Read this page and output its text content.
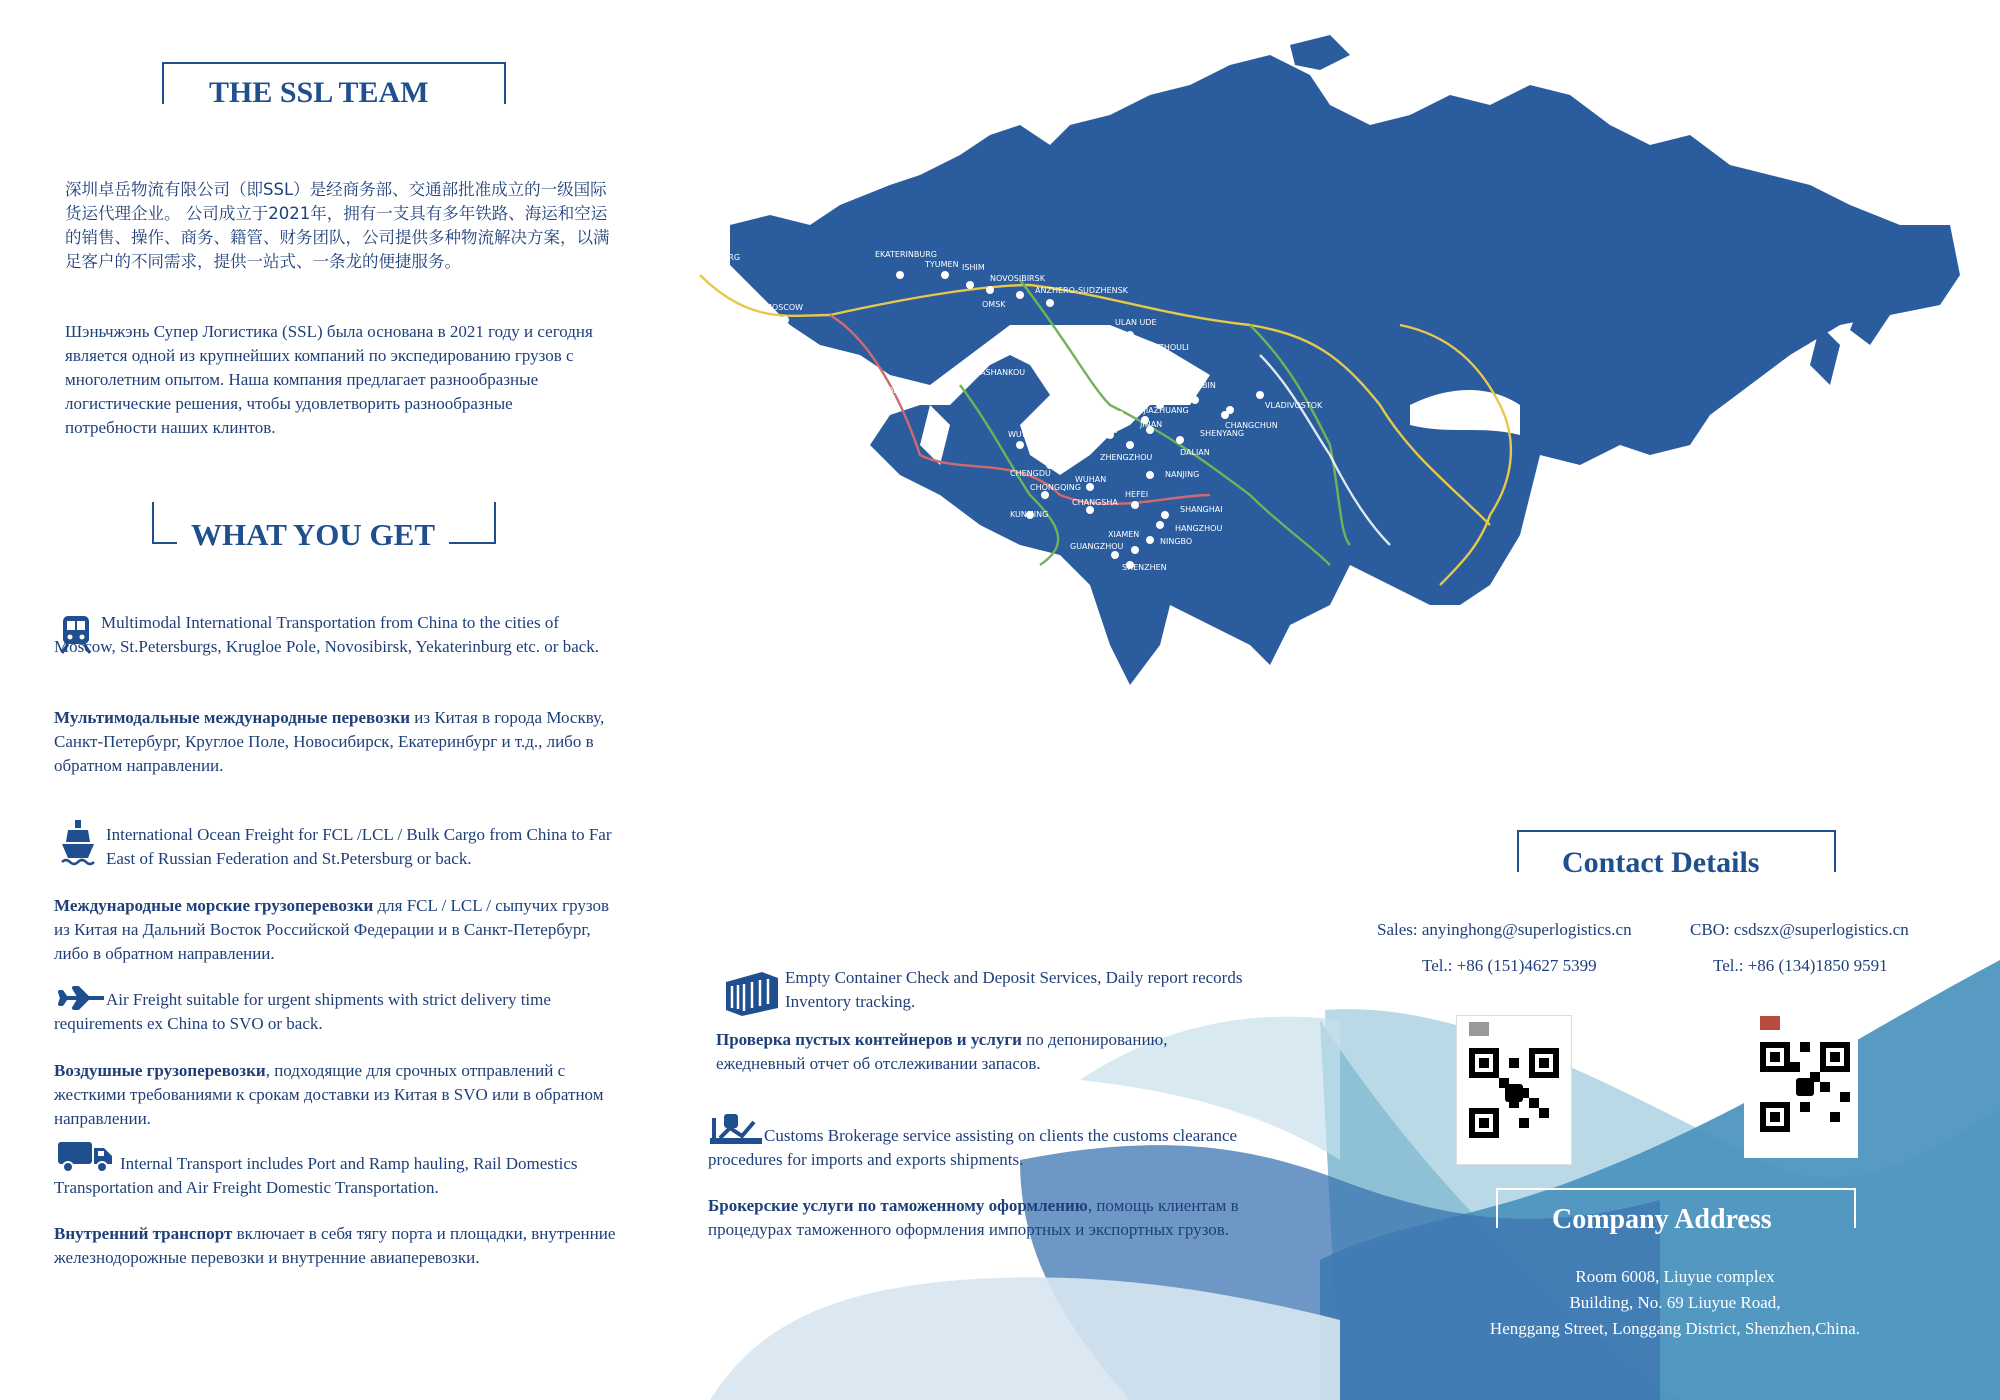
THE SSL TEAM
深圳卓岳物流有限公司（即SSL）是经商务部、交通部批准成立的一级国际货运代理企业。 公司成立于2021年，拥有一支具有多年铁路、海运和空运的销售、操作、商务、籍管、财务团队，公司提供多种物流解决方案，以满足客户的不同需求，提供一站式、一条龙的便捷服务。
Шэньчжэнь Супер Логистика (SSL) была основана в 2021 году и сегодня является одной из крупнейших компаний по экспедированию грузов с многолетним опытом. Наша компания предлагает разнообразные логистические решения, чтобы удовлетворить разнообразные потребности наших клинтов.
WHAT YOU GET
Multimodal International Transportation from China to the cities of Moscow, St.Petersburgs, Krugloe Pole, Novosibirsk, Yekaterinburg etc. or back.
Мультимодальные международные перевозки из Китая в города Москву, Санкт-Петербург, Круглое Поле, Новосибирск, Екатеринбург и т.д., либо в обратном направлении.
International Ocean Freight for FCL /LCL / Bulk Cargo from China to Far East of Russian Federation and St.Petersburg or back.
Международные морские грузоперевозки для FCL / LCL / сыпучих грузов из Китая на Дальний Восток Российской Федерации и в Санкт-Петербург, либо в обратном направлении.
Air Freight suitable for urgent shipments with strict delivery time requirements ex China to SVO or back.
Воздушные грузоперевозки, подходящие для срочных отправлений с жесткими требованиями к срокам доставки из Китая в SVO или в обратном направлении.
Internal Transport includes Port and Ramp hauling, Rail Domestics Transportation and Air Freight Domestic Transportation.
Внутренний транспорт включает в себя тягу порта и площадки, внутренние железнодорожные перевозки и внутренние авиаперевозки.
SAINT PETERSBURG
MOSCOW
EKATERINBURG
TYUMEN ISHIM
NOVOSIBIRSK
OMSK
ANZHERO-SUDZHENSK
ULAN UDE
MANZHOULI
HARBIN
VLADIVOSTOK
CHANGCHUN
SHENYANG
DALIAN
BEIJING
SHIJIAZHUANG
ERLIAN
JINAN
XIAN
BAOJI
WUWEI
ALASHANKOU
HUOERGUOS
ZHENGZHOU
CHENGDU
CHONGQING
WUHAN
HEFEI
NANJING
SHANGHAI
HANGZHOU
NINGBO
XIAMEN
GUANGZHOU
SHENZHEN
CHANGSHA
KUNMING
Empty Container Check and Deposit Services, Daily report records Inventory tracking.
Проверка пустых контейнеров и услуги по депонированию, ежедневный отчет об отслеживании запасов.
Customs Brokerage service assisting on clients the customs clearance procedures for imports and exports shipments.
Брокерские услуги по таможенному оформлению, помощь клиентам в процедурах таможенного оформления импортных и экспортных грузов.
Contact Details
Sales: anyinghong@superlogistics.cn	CBO: csdszx@superlogistics.cn
Tel.: +86 (151)4627 5399	Tel.: +86 (134)1850 9591
Company Address
Room 6008, Liuyue complex
Building, No. 69 Liuyue Road,
Henggang Street, Longgang District, Shenzhen,China.
